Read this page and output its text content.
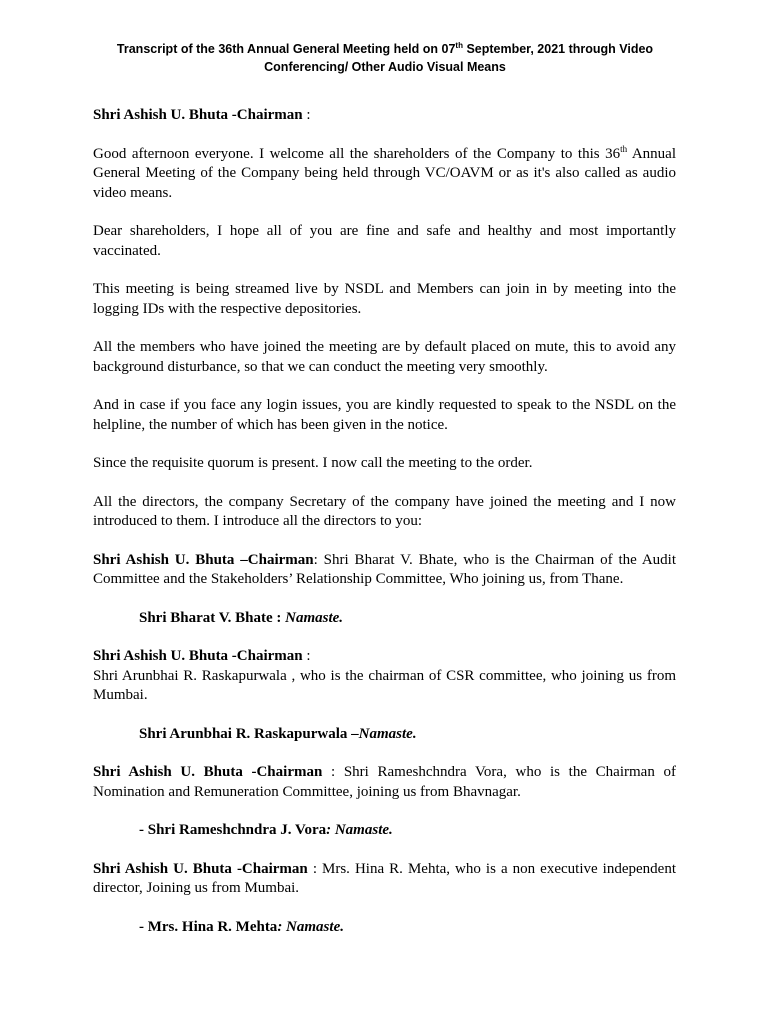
Transcript of the 36th Annual General Meeting held on 07th September, 2021 through Video
Conferencing/ Other Audio Visual Means

Shri Ashish U. Bhuta -Chairman :

Good afternoon everyone. I welcome all the shareholders of the Company to this 36th Annual General Meeting of the Company being held through VC/OAVM or as it's also called as audio video means.

Dear shareholders, I hope all of you are fine and safe and healthy and most importantly vaccinated.

This meeting is being streamed live by NSDL and Members can join in by meeting into the logging IDs with the respective depositories.

All the members who have joined the meeting are by default placed on mute, this to avoid any background disturbance, so that we can conduct the meeting very smoothly.

And in case if you face any login issues, you are kindly requested to speak to the NSDL on the helpline, the number of which has been given in the notice.

Since the requisite quorum is present. I now call the meeting to the order.

All the directors, the company Secretary of the company have joined the meeting and I now introduced to them. I introduce all the directors to you:

Shri Ashish U. Bhuta –Chairman: Shri Bharat V. Bhate, who is the Chairman of the Audit Committee and the Stakeholders’ Relationship Committee, Who joining us, from Thane.

Shri Bharat V. Bhate : Namaste.

Shri Ashish U. Bhuta -Chairman :
Shri Arunbhai R. Raskapurwala , who is the chairman of CSR committee, who joining us from Mumbai.

Shri Arunbhai R. Raskapurwala –Namaste.

Shri Ashish U. Bhuta -Chairman : Shri Rameshchndra Vora, who is the Chairman of Nomination and Remuneration Committee, joining us from Bhavnagar.

- Shri Rameshchndra J. Vora: Namaste.

Shri Ashish U. Bhuta -Chairman : Mrs. Hina R. Mehta, who is a non executive independent director, Joining us from Mumbai.

- Mrs. Hina R. Mehta: Namaste.
